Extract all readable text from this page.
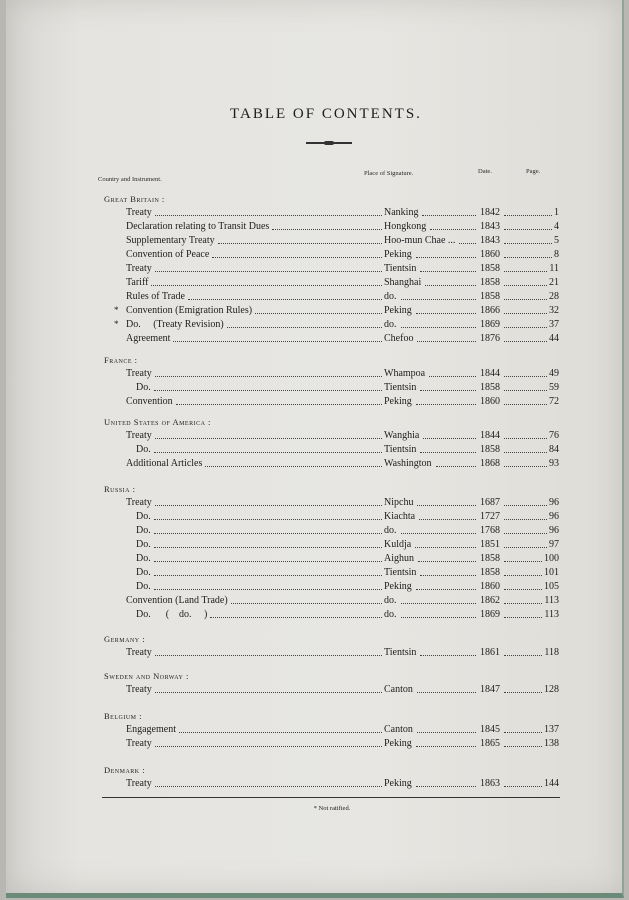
TABLE OF CONTENTS.
Country and Instrument.
Place of Signature.	Date.	Page.
Great Britain :
Treaty	Nanking	1842	1
Declaration relating to Transit Dues	Hongkong	1843	4
Supplementary Treaty	Hoo-mun Chae ... 1843	5
Convention of Peace	Peking	1860	8
Treaty	Tientsin	1858	11
Tariff	Shanghai	1858	21
Rules of Trade	do.	1858	28
* Convention (Emigration Rules)	Peking	1866	32
* Do.     (Treaty Revision)	do.	1869	37
Agreement	Chefoo	1876	44
France :
Treaty	Whampoa	1844	49
Do.	Tientsin	1858	59
Convention	Peking	1860	72
United States of America :
Treaty	Wanghia	1844	76
Do.	Tientsin	1858	84
Additional Articles	Washington	1868	93
Russia :
Treaty	Nipchu	1687	96
Do.	Kiachta	1727	96
Do.	do.	1768	96
Do.	Kuldja	1851	97
Do.	Aighun	1858	100
Do.	Tientsin	1858	101
Do.	Peking	1860	105
Convention (Land Trade)	do.	1862	113
Do.      (    do.     )	do.	1869	113
Germany :
Treaty	Tientsin	1861	118
Sweden and Norway :
Treaty	Canton	1847	128
Belgium :
Engagement	Canton	1845	137
Treaty	Peking	1865	138
Denmark :
Treaty	Peking	1863	144
* Not ratified.
